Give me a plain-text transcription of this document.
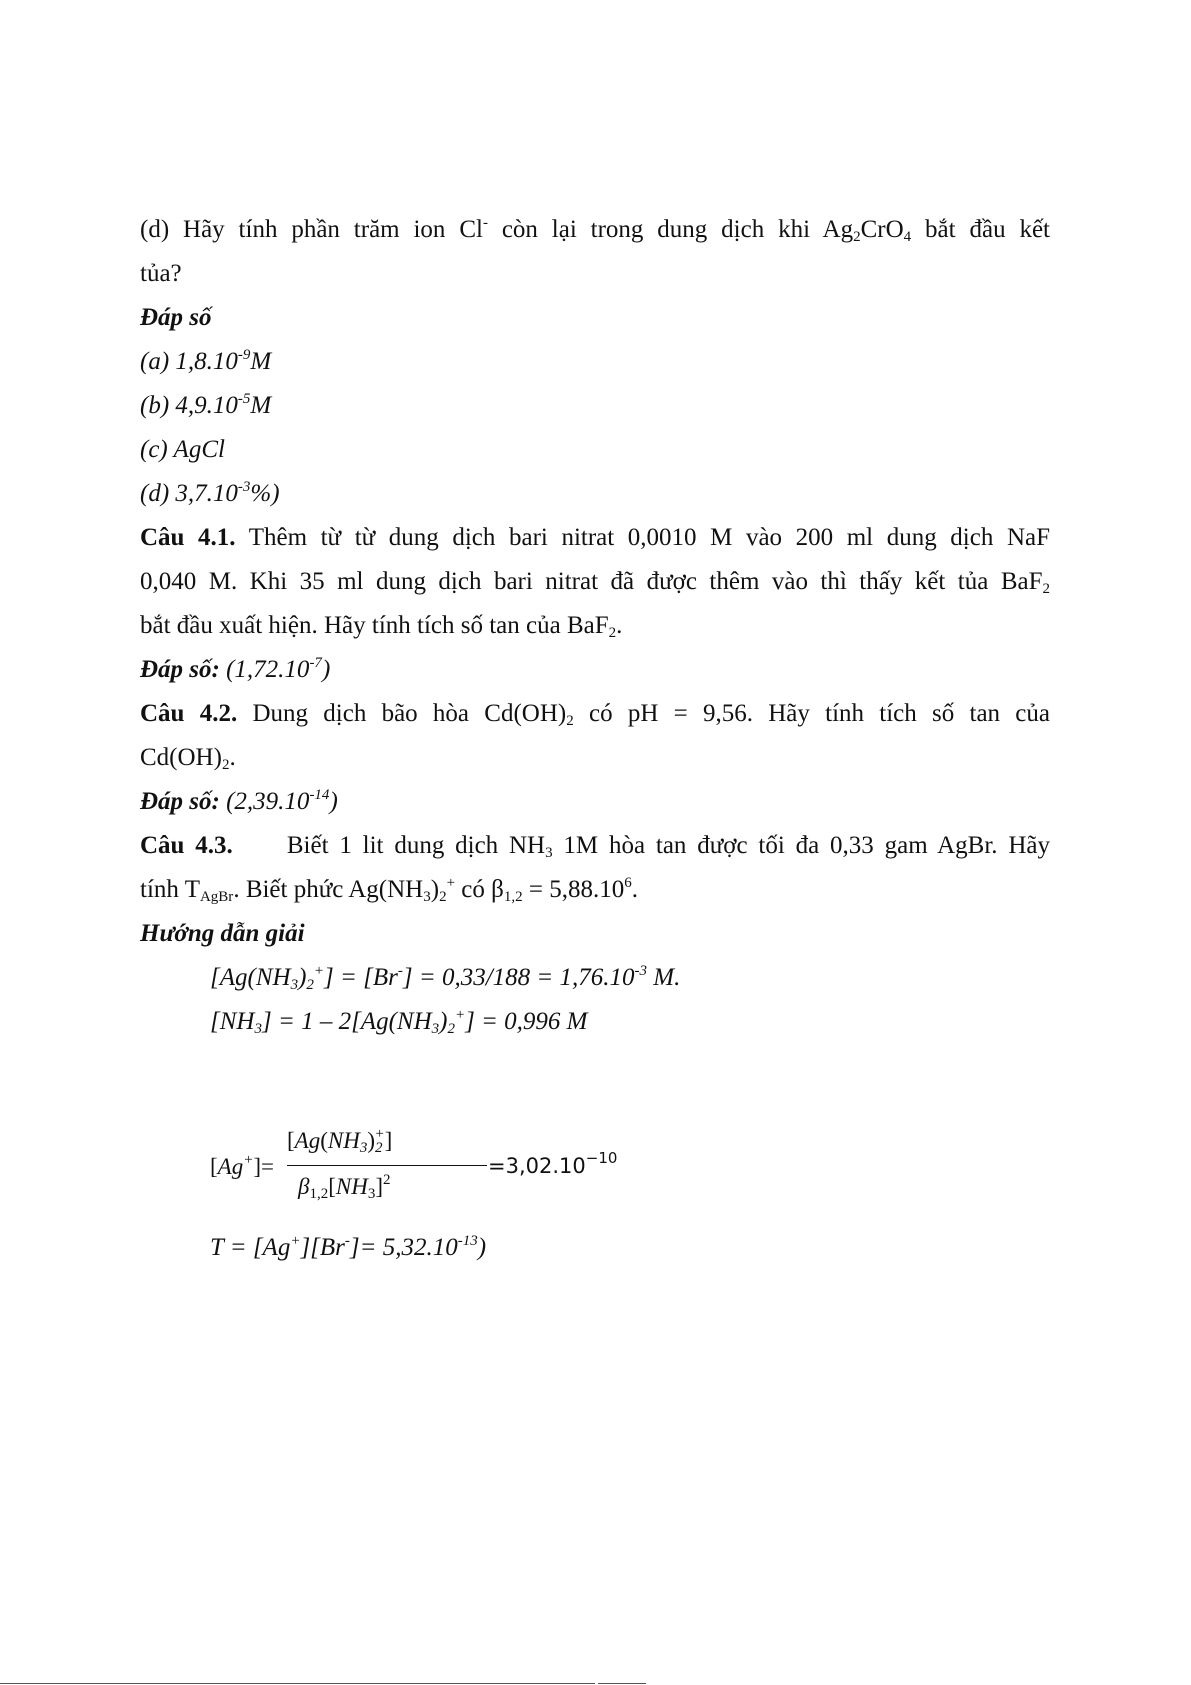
(d) Hãy tính phần trăm ion Cl- còn lại trong dung dịch khi $Ag_2CrO_4$ bắt đầu kết
tủa?
Đáp số
(a) $1,8.10^{-9}M$
(b) $4,9.10^{-5}M$
(c) AgCl
(d) $3,7.10^{-3}\%$)
Câu 4.1. Thêm từ từ dung dịch bari nitrat 0,0010 M vào 200 ml dung dịch NaF
0,040 M. Khi 35 ml dung dịch bari nitrat đã được thêm vào thì thấy kết tủa BaF$_2$
bắt đầu xuất hiện. Hãy tính tích số tan của BaF$_2$.
Đáp số: $(1,72.10^{-7})$
Câu 4.2. Dung dịch bão hòa $Cd(OH)_2$ có pH = 9,56. Hãy tính tích số tan của
$Cd(OH)_2$.
Đáp số: $(2,39.10^{-14})$
Câu 4.3.     Biết 1 lit dung dịch $NH_3$ 1M hòa tan được tối đa 0,33 gam AgBr. Hãy
tính $T_{AgBr}$. Biết phức $Ag(NH_3)_2^+$ có $\beta_{1,2} = 5,88.10^6$.
Hướng dẫn giải
$[Ag(NH_3)_2^+] = [Br^-] = 0,33/188 = 1,76.10^{-3}$ M.
$[NH_3] = 1 - 2[Ag(NH_3)_2^+] = 0,996$ M
[Ag+]=
$[Ag(NH_3)_2^+]$
$\beta_{1,2}[NH_3]^2$
$=3,02.10^{-10}$
$T = [Ag^+][Br^-]= 5,32.10^{-13}$)
